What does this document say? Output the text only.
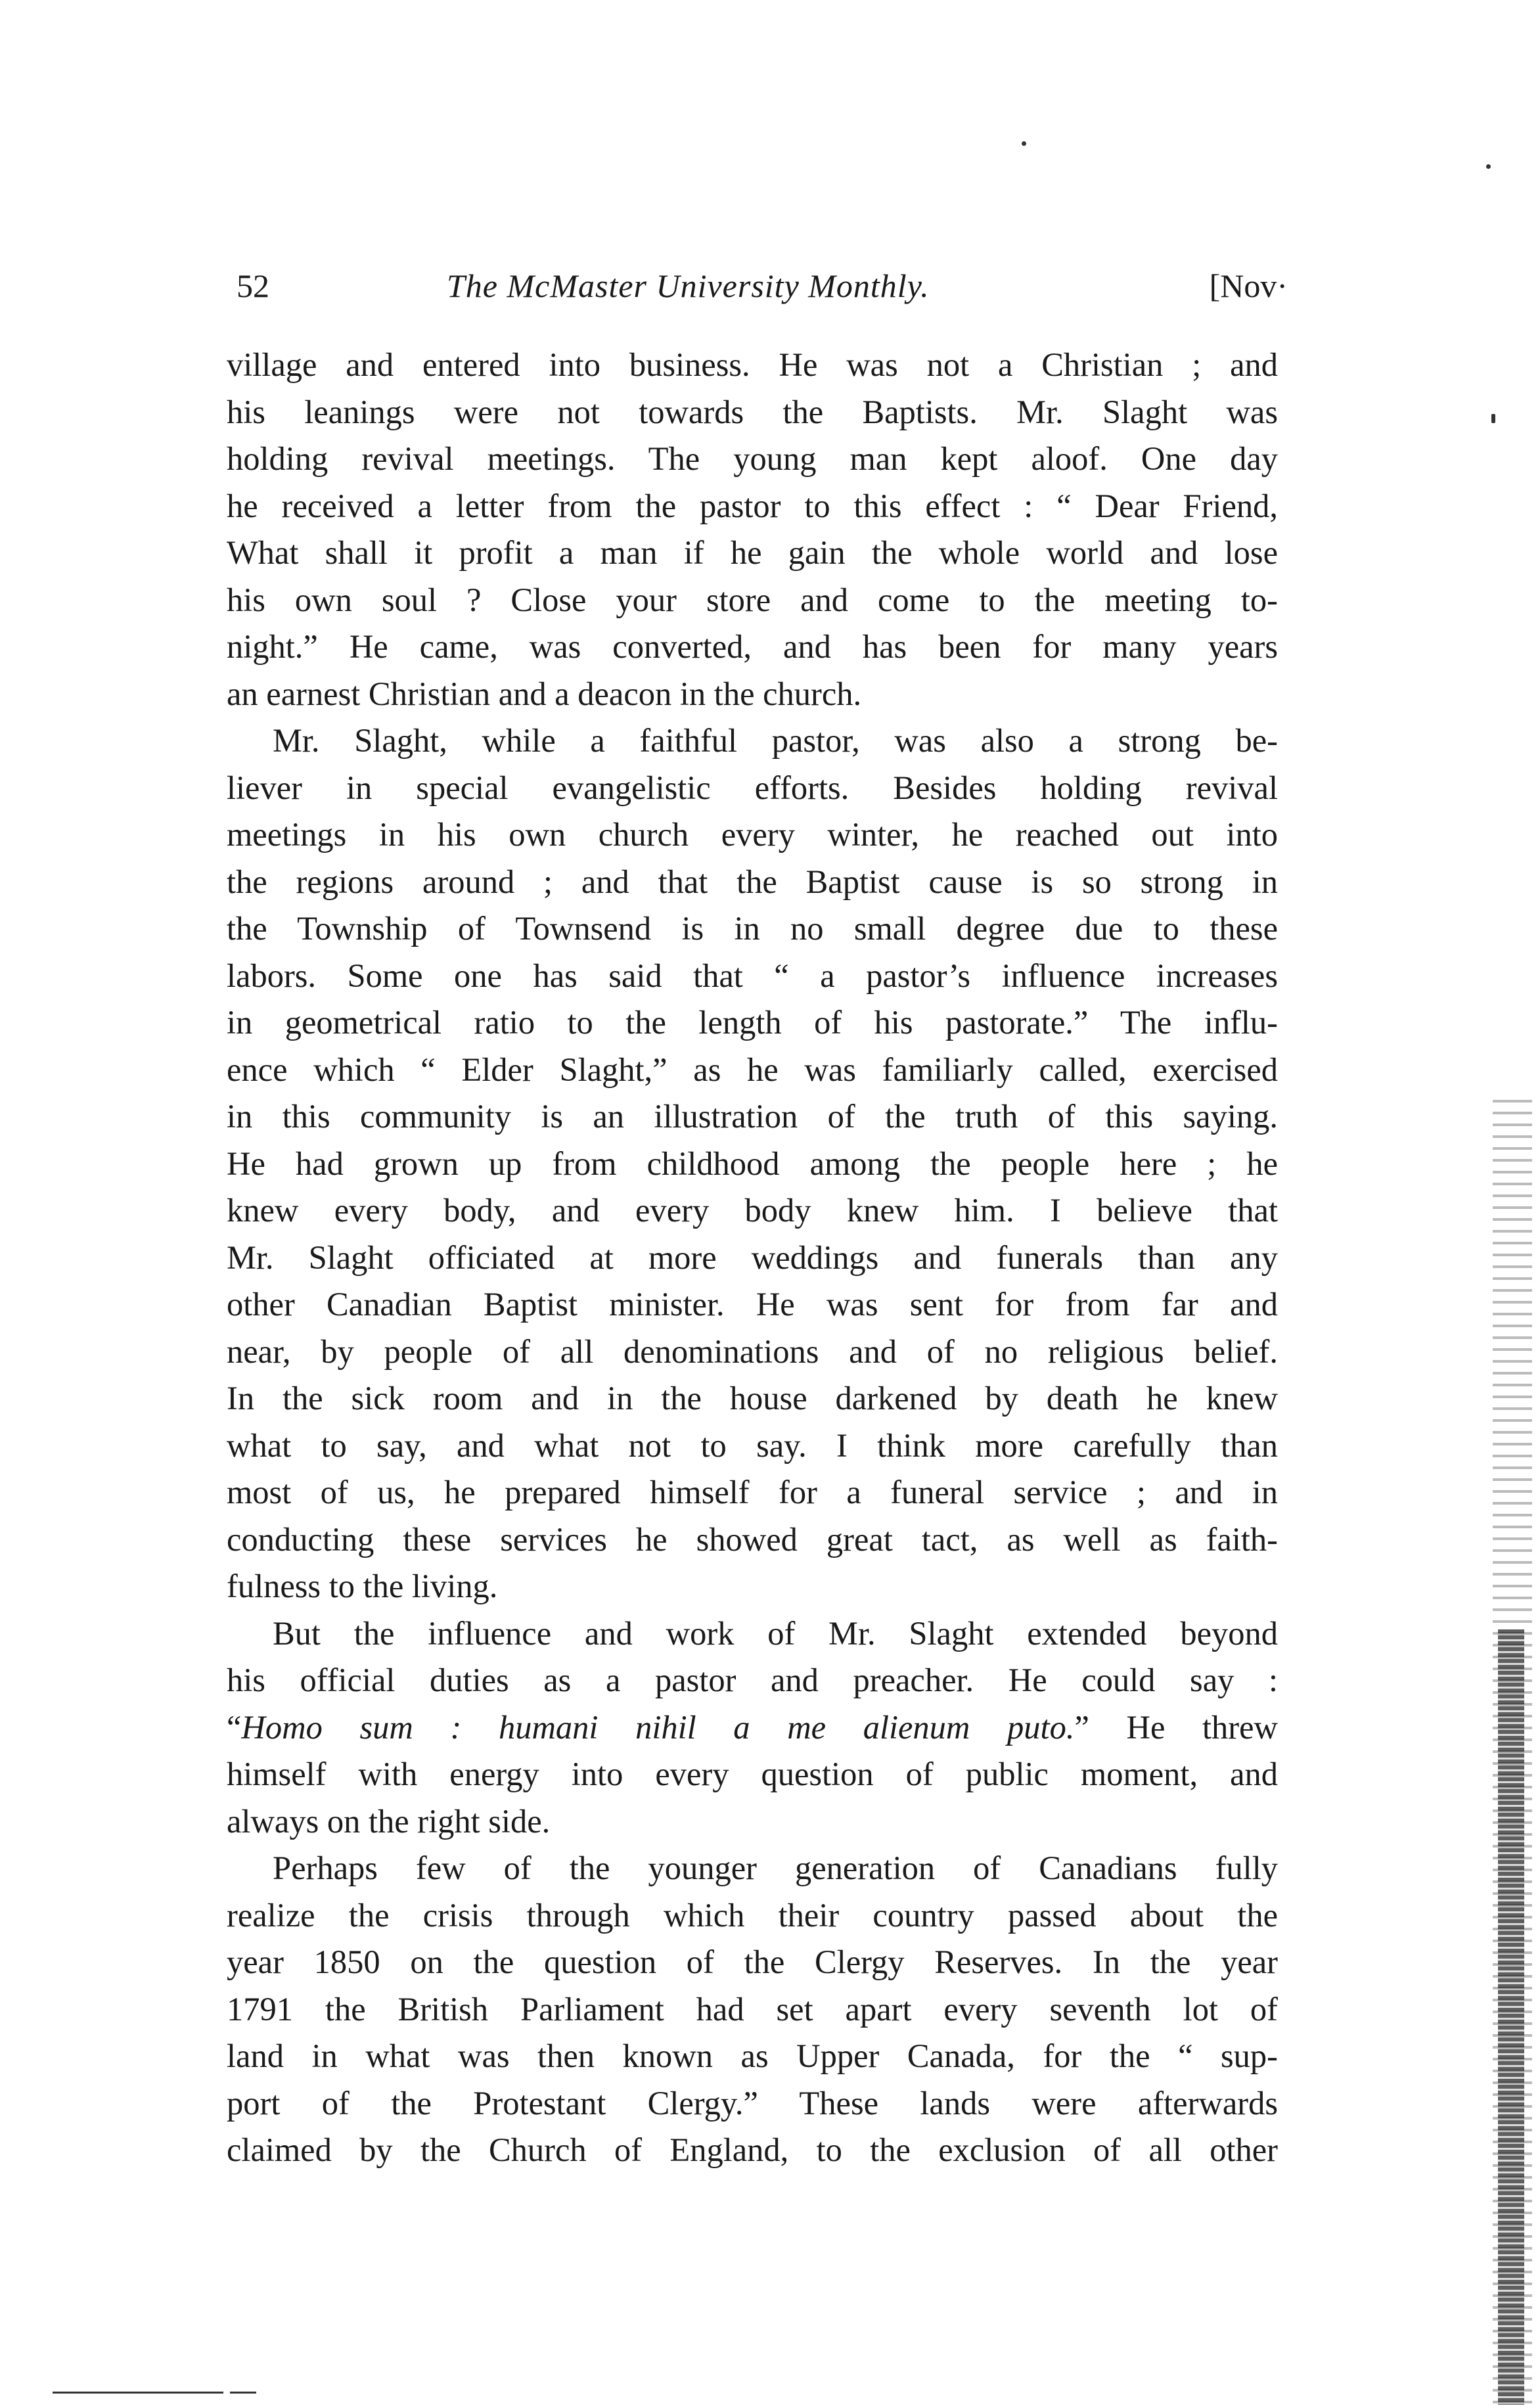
52	The McMaster University Monthly.	[Nov·
village and entered into business. He was not a Christian ; and
his leanings were not towards the Baptists. Mr. Slaght was
holding revival meetings. The young man kept aloof. One day
he received a letter from the pastor to this effect : “ Dear Friend,
What shall it profit a man if he gain the whole world and lose
his own soul ? Close your store and come to the meeting to-
night.” He came, was converted, and has been for many years
an earnest Christian and a deacon in the church.
Mr. Slaght, while a faithful pastor, was also a strong be-
liever in special evangelistic efforts. Besides holding revival
meetings in his own church every winter, he reached out into
the regions around ; and that the Baptist cause is so strong in
the Township of Townsend is in no small degree due to these
labors. Some one has said that “ a pastor’s influence increases
in geometrical ratio to the length of his pastorate.” The influ-
ence which “ Elder Slaght,” as he was familiarly called, exercised
in this community is an illustration of the truth of this saying.
He had grown up from childhood among the people here ; he
knew every body, and every body knew him. I believe that
Mr. Slaght officiated at more weddings and funerals than any
other Canadian Baptist minister. He was sent for from far and
near, by people of all denominations and of no religious belief.
In the sick room and in the house darkened by death he knew
what to say, and what not to say. I think more carefully than
most of us, he prepared himself for a funeral service ; and in
conducting these services he showed great tact, as well as faith-
fulness to the living.
But the influence and work of Mr. Slaght extended beyond
his official duties as a pastor and preacher. He could say :
“Homo sum : humani nihil a me alienum puto.” He threw
himself with energy into every question of public moment, and
always on the right side.
Perhaps few of the younger generation of Canadians fully
realize the crisis through which their country passed about the
year 1850 on the question of the Clergy Reserves. In the year
1791 the British Parliament had set apart every seventh lot of
land in what was then known as Upper Canada, for the “ sup-
port of the Protestant Clergy.” These lands were afterwards
claimed by the Church of England, to the exclusion of all other
